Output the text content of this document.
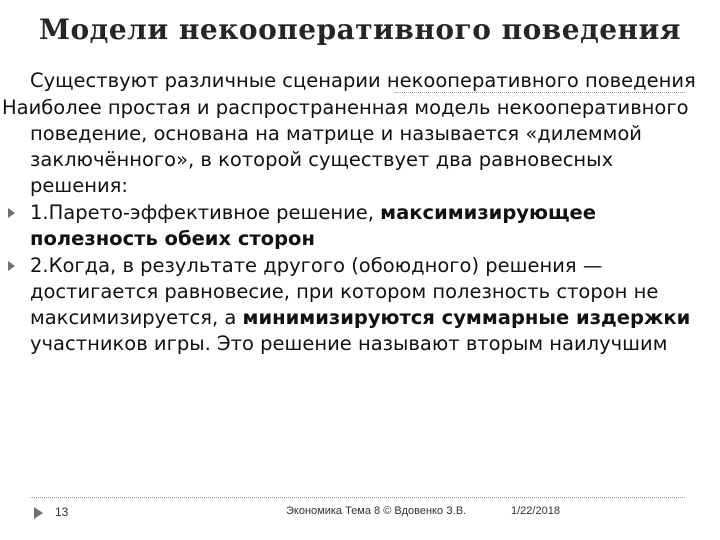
Модели некооперативного поведения
Существуют различные сценарии некооперативного поведения
Наиболее простая и распространенная модель некооперативного поведение, основана на матрице и называется «дилеммой заключённого», в которой существует два равновесных решения:
1.Парето-эффективное решение, максимизирующее полезность обеих сторон
2.Когда, в результате другого (обоюдного) решения — достигается равновесие, при котором полезность сторон не максимизируется, а минимизируются суммарные издержки участников игры. Это решение называют вторым наилучшим
13	Экономика Тема 8 © Вдовенко З.В.	1/22/2018
